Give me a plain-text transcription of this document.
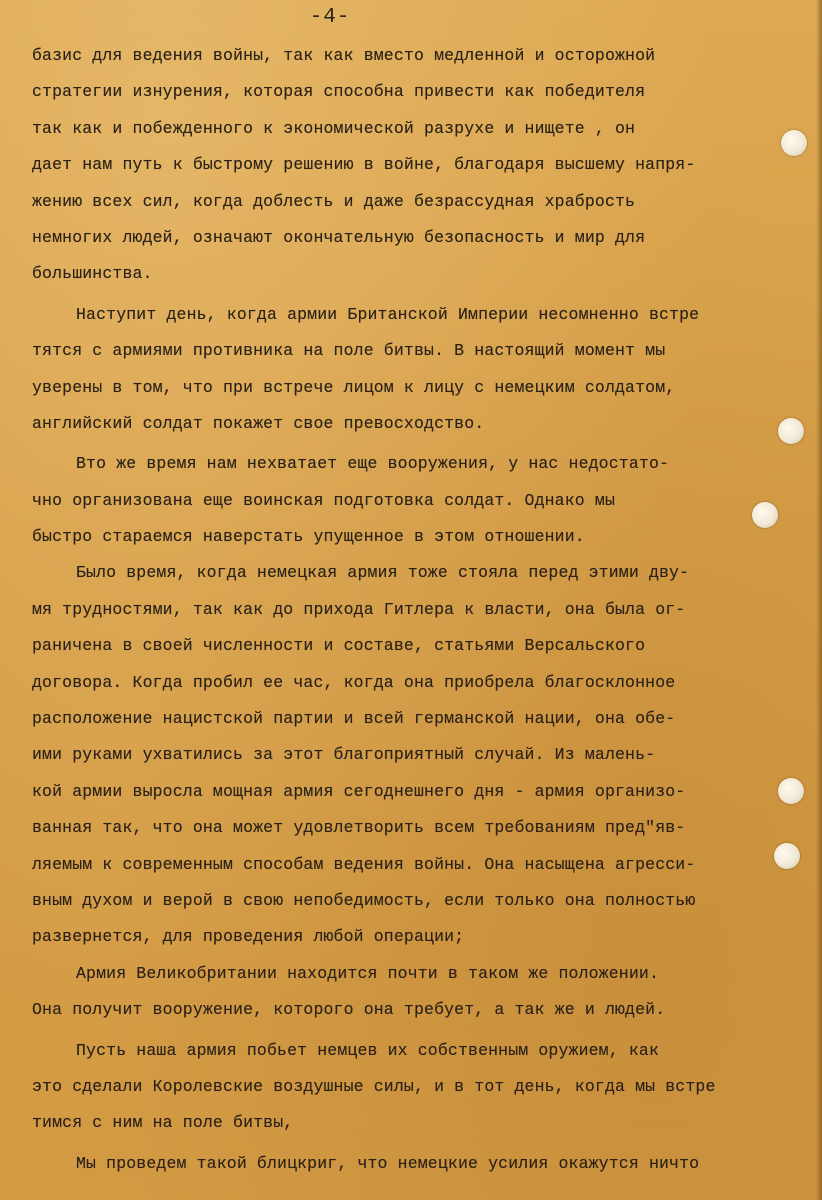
-4-
базис для ведения войны, так как вместо медленной и осторожной
стратегии изнурения, которая способна привести как победителя
так как и побежденного к экономической разрухе и нищете , он
дает нам путь к быстрому решению в войне, благодаря высшему напря-
жению всех сил, когда доблесть и даже безрассудная храбрость
немногих людей, означают окончательную безопасность и мир для
большинства.
Наступит день, когда армии Британской Империи несомненно встре
тятся с армиями противника на поле битвы. В настоящий момент мы
уверены в том, что при встрече лицом к лицу с немецким солдатом,
английский солдат покажет свое превосходство.
Вто же время нам нехватает еще вооружения, у нас недостато-
чно организована еще воинская подготовка солдат. Однако мы
быстро стараемся наверстать упущенное в этом отношении.
Было время, когда немецкая армия тоже стояла перед этими дву-
мя трудностями, так как до прихода Гитлера к власти, она была ог-
раничена в своей численности и составе, статьями Версальского
договора. Когда пробил ее час, когда она приобрела благосклонное
расположение нацистской партии и всей германской нации, она обе-
ими руками ухватились за этот благоприятный случай. Из малень-
кой армии выросла мощная армия сегоднешнего дня - армия организо-
ванная так, что она может удовлетворить всем требованиям пред"яв-
ляемым к современным способам ведения войны. Она насыщена агресси-
вным духом и верой в свою непобедимость, если только она полностью
развернется, для проведения любой операции;
Армия Великобритании находится почти в таком же положении.
Она получит вооружение, которого она требует, а так же и людей.
Пусть наша армия побьет немцев их собственным оружием, как
это сделали Королевские воздушные силы, и в тот день, когда мы встре
тимся с ним на поле битвы,
Мы проведем такой блицкриг, что немецкие усилия окажутся ничто
